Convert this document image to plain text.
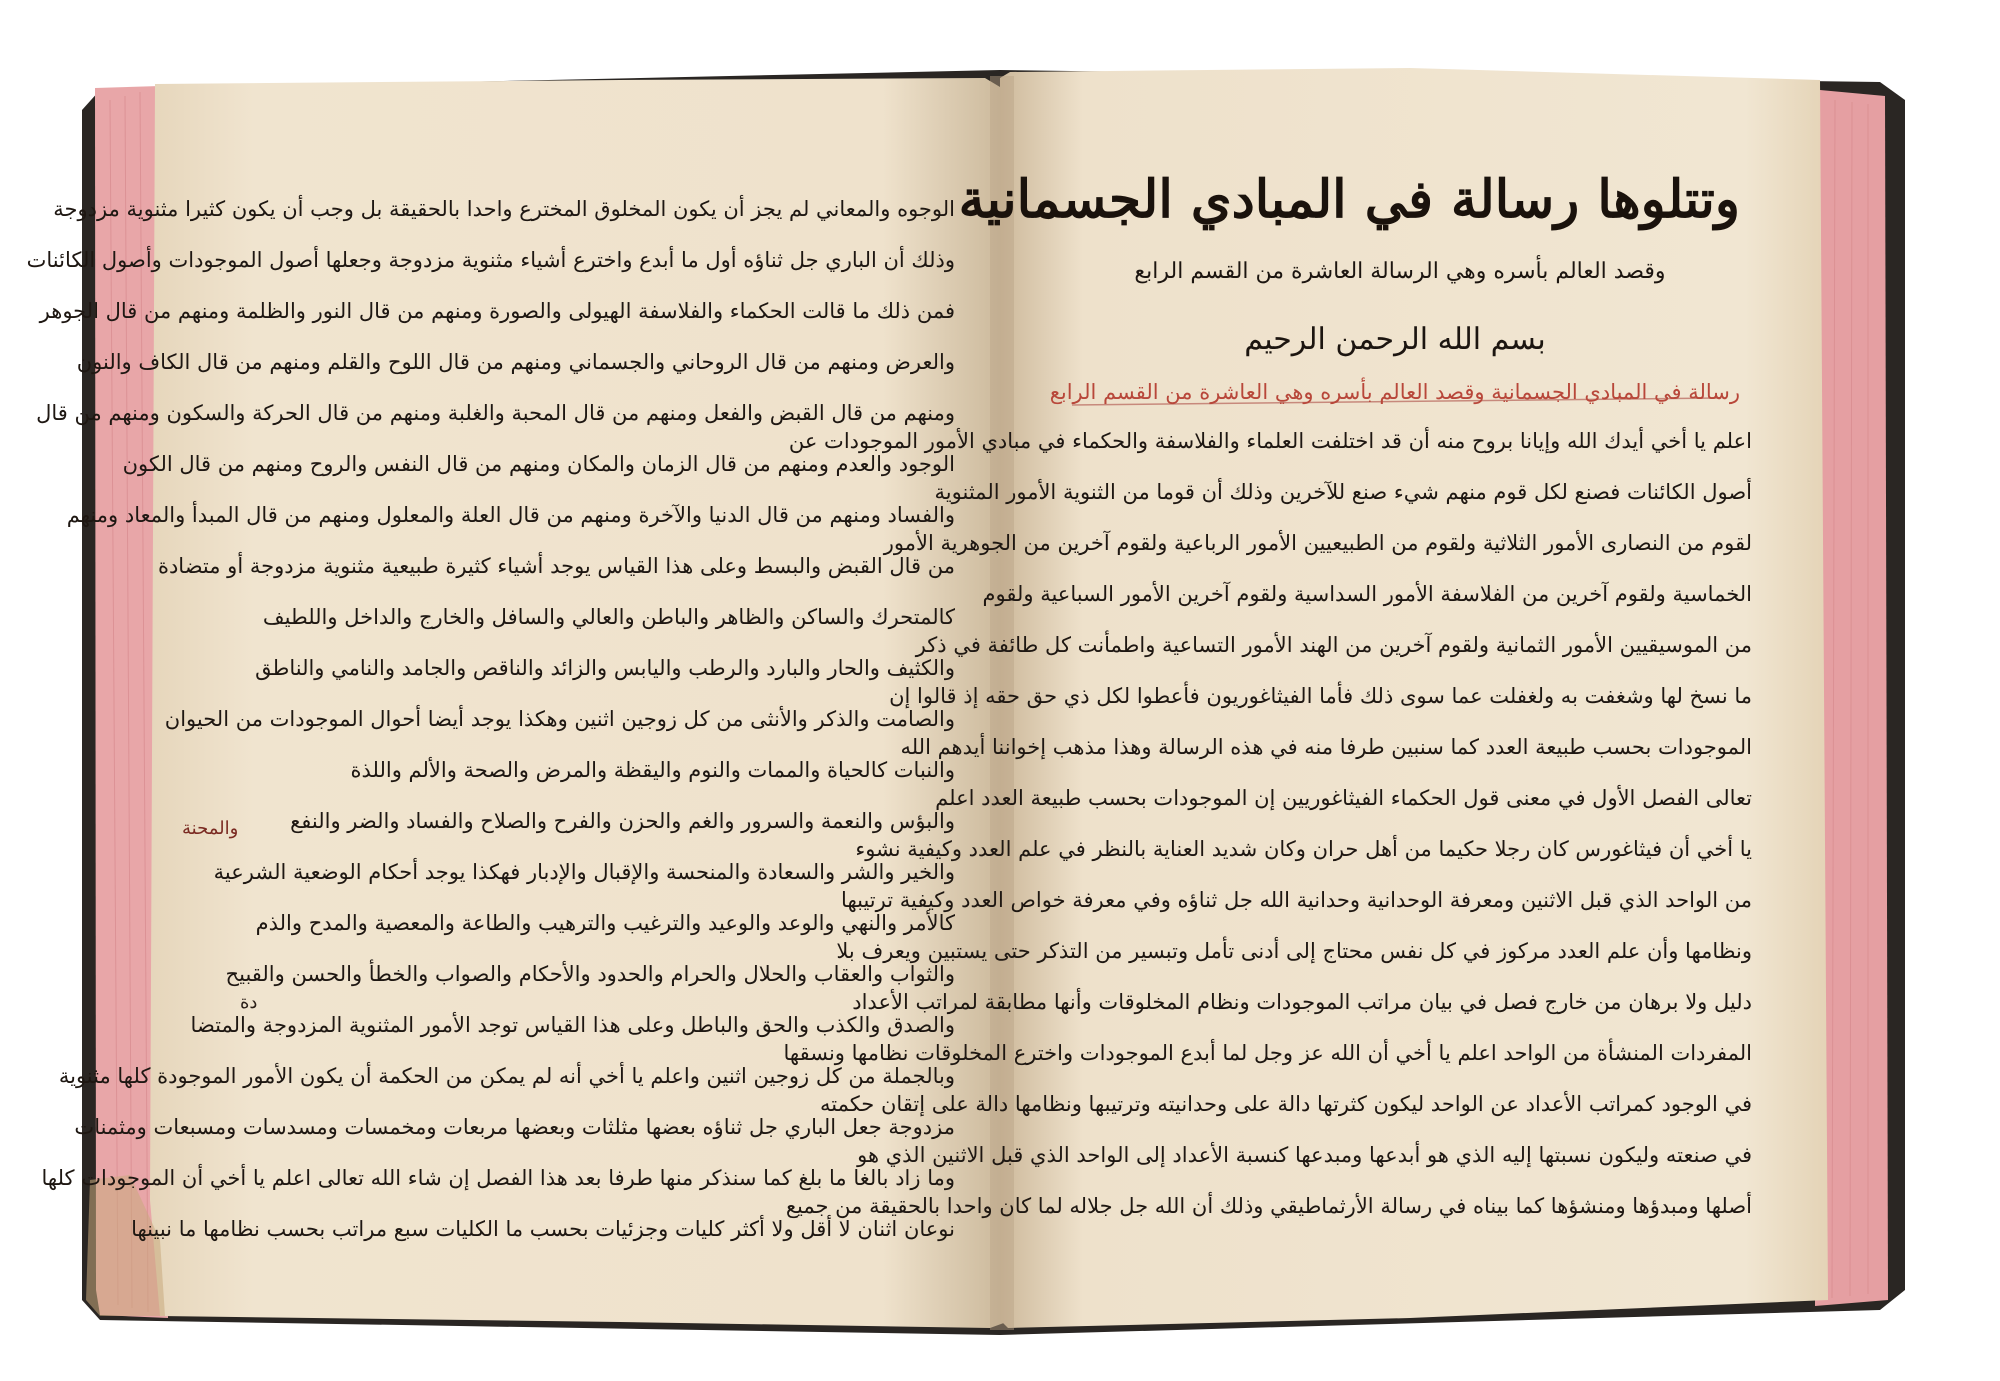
وتتلوها رسالة في المبادي الجسمانية
وقصد العالم بأسره وهي الرسالة العاشرة من القسم الرابع
بسم الله الرحمن الرحيم
رسالة في المبادي الجسمانية وقصد العالم بأسره وهي العاشرة من القسم الرابع
اعلم يا أخي أيدك الله وإيانا بروح منه أن قد اختلفت العلماء والفلاسفة والحكماء في مبادي الأمور الموجودات عن
أصول الكائنات فصنع لكل قوم منهم شيء صنع للآخرين وذلك أن قوما من الثنوية الأمور المثنوية
لقوم من النصارى الأمور الثلاثية ولقوم من الطبيعيين الأمور الرباعية ولقوم آخرين من الجوهرية الأمور
الخماسية ولقوم آخرين من الفلاسفة الأمور السداسية ولقوم آخرين الأمور السباعية ولقوم
من الموسيقيين الأمور الثمانية ولقوم آخرين من الهند الأمور التساعية واطمأنت كل طائفة في ذكر
ما نسخ لها وشغفت به ولغفلت عما سوى ذلك فأما الفيثاغوريون فأعطوا لكل ذي حق حقه إذ قالوا إن
الموجودات بحسب طبيعة العدد كما سنبين طرفا منه في هذه الرسالة وهذا مذهب إخواننا أيدهم الله
تعالى الفصل الأول في معنى قول الحكماء الفيثاغوريين إن الموجودات بحسب طبيعة العدد اعلم
يا أخي أن فيثاغورس كان رجلا حكيما من أهل حران وكان شديد العناية بالنظر في علم العدد وكيفية نشوء
من الواحد الذي قبل الاثنين ومعرفة الوحدانية وحدانية الله جل ثناؤه وفي معرفة خواص العدد وكيفية ترتيبها
ونظامها وأن علم العدد مركوز في كل نفس محتاج إلى أدنى تأمل وتبسير من التذكر حتى يستبين ويعرف بلا
دليل ولا برهان من خارج فصل في بيان مراتب الموجودات ونظام المخلوقات وأنها مطابقة لمراتب الأعداد
المفردات المنشأة من الواحد اعلم يا أخي أن الله عز وجل لما أبدع الموجودات واخترع المخلوقات نظامها ونسقها
في الوجود كمراتب الأعداد عن الواحد ليكون كثرتها دالة على وحدانيته وترتيبها ونظامها دالة على إتقان حكمته
في صنعته وليكون نسبتها إليه الذي هو أبدعها ومبدعها كنسبة الأعداد إلى الواحد الذي قبل الاثنين الذي هو
أصلها ومبدؤها ومنشؤها كما بيناه في رسالة الأرثماطيقي وذلك أن الله جل جلاله لما كان واحدا بالحقيقة من جميع
الوجوه والمعاني لم يجز أن يكون المخلوق المخترع واحدا بالحقيقة بل وجب أن يكون كثيرا مثنوية مزدوجة
وذلك أن الباري جل ثناؤه أول ما أبدع واخترع أشياء مثنوية مزدوجة وجعلها أصول الموجودات وأصول الكائنات
فمن ذلك ما قالت الحكماء والفلاسفة الهيولى والصورة ومنهم من قال النور والظلمة ومنهم من قال الجوهر
والعرض ومنهم من قال الروحاني والجسماني ومنهم من قال اللوح والقلم ومنهم من قال الكاف والنون
ومنهم من قال القبض والفعل ومنهم من قال المحبة والغلبة ومنهم من قال الحركة والسكون ومنهم من قال
الوجود والعدم ومنهم من قال الزمان والمكان ومنهم من قال النفس والروح ومنهم من قال الكون
والفساد ومنهم من قال الدنيا والآخرة ومنهم من قال العلة والمعلول ومنهم من قال المبدأ والمعاد ومنهم
من قال القبض والبسط وعلى هذا القياس يوجد أشياء كثيرة طبيعية مثنوية مزدوجة أو متضادة
كالمتحرك والساكن والظاهر والباطن والعالي والسافل والخارج والداخل واللطيف
والكثيف والحار والبارد والرطب واليابس والزائد والناقص والجامد والنامي والناطق
والصامت والذكر والأنثى من كل زوجين اثنين وهكذا يوجد أيضا أحوال الموجودات من الحيوان
والنبات كالحياة والممات والنوم واليقظة والمرض والصحة والألم واللذة
والبؤس والنعمة والسرور والغم والحزن والفرح والصلاح والفساد والضر والنفع
والخير والشر والسعادة والمنحسة والإقبال والإدبار فهكذا يوجد أحكام الوضعية الشرعية
كالأمر والنهي والوعد والوعيد والترغيب والترهيب والطاعة والمعصية والمدح والذم
والثواب والعقاب والحلال والحرام والحدود والأحكام والصواب والخطأ والحسن والقبيح
والصدق والكذب والحق والباطل وعلى هذا القياس توجد الأمور المثنوية المزدوجة والمتضا
وبالجملة من كل زوجين اثنين واعلم يا أخي أنه لم يمكن من الحكمة أن يكون الأمور الموجودة كلها مثنوية
مزدوجة جعل الباري جل ثناؤه بعضها مثلثات وبعضها مربعات ومخمسات ومسدسات ومسبعات ومثمنات
وما زاد بالغا ما بلغ كما سنذكر منها طرفا بعد هذا الفصل إن شاء الله تعالى اعلم يا أخي أن الموجودات كلها
نوعان اثنان لا أقل ولا أكثر كليات وجزئيات بحسب ما الكليات سبع مراتب بحسب نظامها ما نبينها
والمحنة
دة
